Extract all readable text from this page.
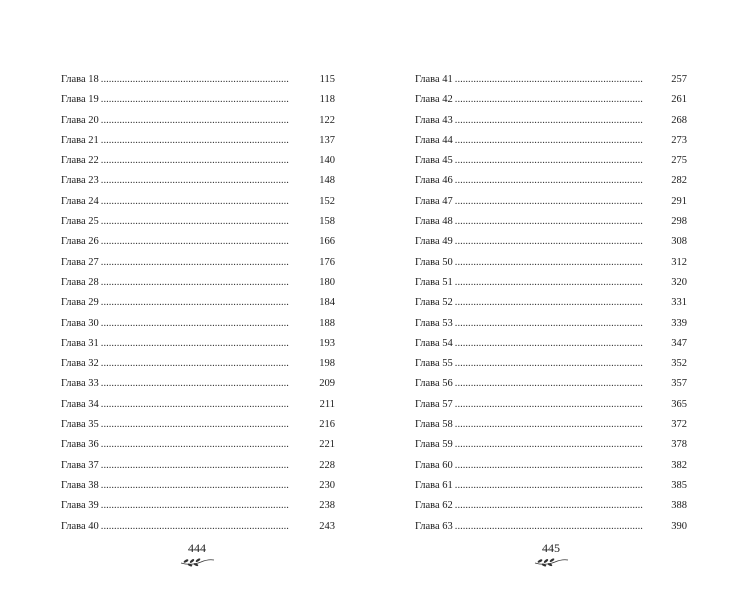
Глава 18 . . .	115
Глава 19 . . .	118
Глава 20 . . .	122
Глава 21 . . .	137
Глава 22 . . .	140
Глава 23 . . .	148
Глава 24 . . .	152
Глава 25 . . .	158
Глава 26 . . .	166
Глава 27 . . .	176
Глава 28 . . .	180
Глава 29 . . .	184
Глава 30 . . .	188
Глава 31 . . .	193
Глава 32 . . .	198
Глава 33 . . .	209
Глава 34 . . .	211
Глава 35 . . .	216
Глава 36 . . .	221
Глава 37 . . .	228
Глава 38 . . .	230
Глава 39 . . .	238
Глава 40 . . .	243
444
Глава 41 . . .	257
Глава 42 . . .	261
Глава 43 . . .	268
Глава 44 . . .	273
Глава 45 . . .	275
Глава 46 . . .	282
Глава 47 . . .	291
Глава 48 . . .	298
Глава 49 . . .	308
Глава 50 . . .	312
Глава 51 . . .	320
Глава 52 . . .	331
Глава 53 . . .	339
Глава 54 . . .	347
Глава 55 . . .	352
Глава 56 . . .	357
Глава 57 . . .	365
Глава 58 . . .	372
Глава 59 . . .	378
Глава 60 . . .	382
Глава 61 . . .	385
Глава 62 . . .	388
Глава 63 . . .	390
445
